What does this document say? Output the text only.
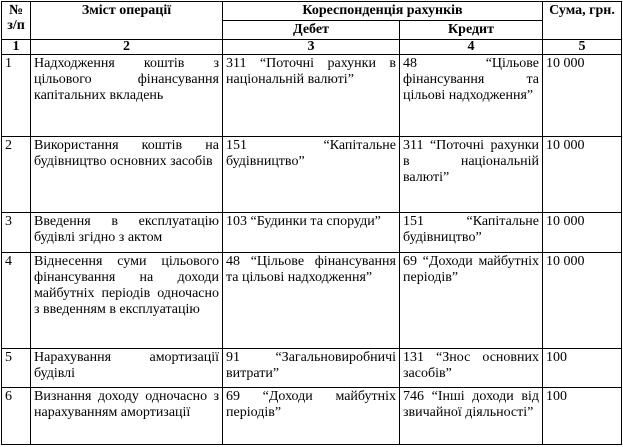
№ з/п	Зміст операції	Кореспонденція рахунків		Сума, грн.
		Дебет	Кредит	
1	2	3	4	5
1	Надходження коштів з цільового фінансування капітальних вкладень	311 “Поточні рахунки в національній валюті”	48 “Цільове фінансування та цільові надходження”	10 000
2	Використання коштів на будівництво основних засобів	151 “Капітальне будівництво”	311 “Поточні рахунки в національній валюті”	10 000
3	Введення в експлуатацію будівлі згідно з актом	103 “Будинки та споруди”	151 “Капітальне будівництво”	10 000
4	Віднесення суми цільового фінансування на доходи майбутніх періодів одночасно з введенням в експлуатацію	48 “Цільове фінансування та цільові надходження”	69 “Доходи майбутніх періодів”	10 000
5	Нарахування амортизації будівлі	91 “Загальновиробничі витрати”	131 “Знос основних засобів”	100
6	Визнання доходу одночасно з нарахуванням амортизації	69 “Доходи майбутніх періодів”	746 “Інші доходи від звичайної діяльності”	100
